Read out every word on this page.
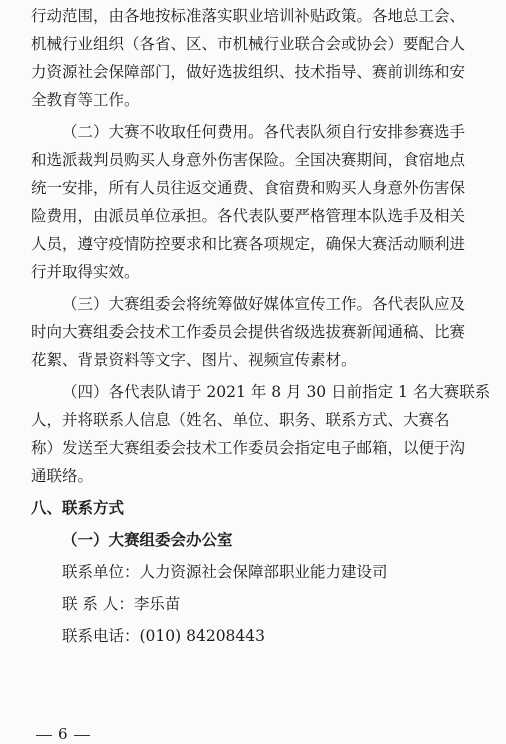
行动范围，由各地按标准落实职业培训补贴政策。各地总工会、
机械行业组织（各省、区、市机械行业联合会或协会）要配合人
力资源社会保障部门，做好选拔组织、技术指导、赛前训练和安
全教育等工作。
（二）大赛不收取任何费用。各代表队须自行安排参赛选手
和选派裁判员购买人身意外伤害保险。全国决赛期间，食宿地点
统一安排，所有人员往返交通费、食宿费和购买人身意外伤害保
险费用，由派员单位承担。各代表队要严格管理本队选手及相关
人员，遵守疫情防控要求和比赛各项规定，确保大赛活动顺利进
行并取得实效。
（三）大赛组委会将统筹做好媒体宣传工作。各代表队应及
时向大赛组委会技术工作委员会提供省级选拔赛新闻通稿、比赛
花絮、背景资料等文字、图片、视频宣传素材。
（四）各代表队请于 2021 年 8 月 30 日前指定 1 名大赛联系
人，并将联系人信息（姓名、单位、职务、联系方式、大赛名
称）发送至大赛组委会技术工作委员会指定电子邮箱，以便于沟
通联络。
八、联系方式
（一）大赛组委会办公室
联系单位：人力资源社会保障部职业能力建设司
联 系 人：李乐苗
联系电话：(010) 84208443
6
